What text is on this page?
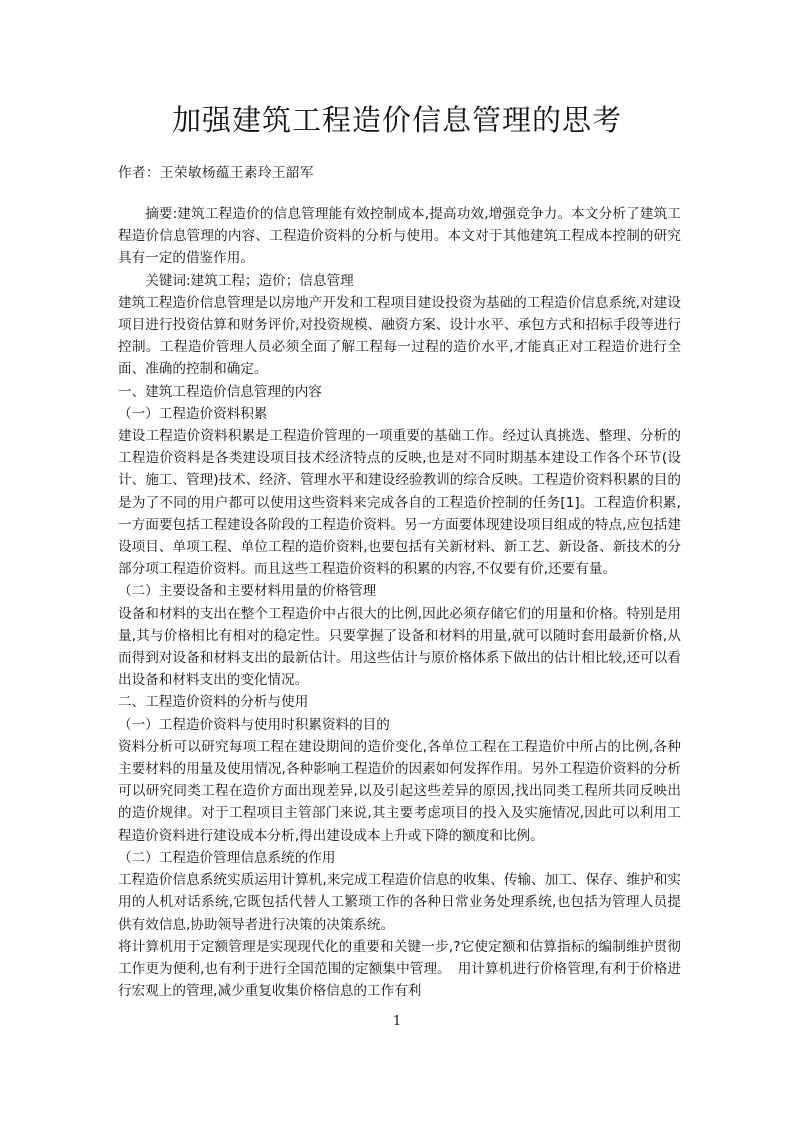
加强建筑工程造价信息管理的思考
作者：王荣敏杨蕴王素玲王韶军

摘要:建筑工程造价的信息管理能有效控制成本,提高功效,增强竞争力。本文分析了建筑工程造价信息管理的内容、工程造价资料的分析与使用。本文对于其他建筑工程成本控制的研究具有一定的借鉴作用。

关键词:建筑工程；造价；信息管理

建筑工程造价信息管理是以房地产开发和工程项目建设投资为基础的工程造价信息系统,对建设项目进行投资估算和财务评价,对投资规模、融资方案、设计水平、承包方式和招标手段等进行控制。工程造价管理人员必须全面了解工程每一过程的造价水平,才能真正对工程造价进行全面、准确的控制和确定。

一、建筑工程造价信息管理的内容

（一）工程造价资料积累

建设工程造价资料积累是工程造价管理的一项重要的基础工作。经过认真挑选、整理、分析的工程造价资料是各类建设项目技术经济特点的反映,也是对不同时期基本建设工作各个环节(设计、施工、管理)技术、经济、管理水平和建设经验教训的综合反映。工程造价资料积累的目的是为了不同的用户都可以使用这些资料来完成各自的工程造价控制的任务[1]。工程造价积累,一方面要包括工程建设各阶段的工程造价资料。另一方面要体现建设项目组成的特点,应包括建设项目、单项工程、单位工程的造价资料,也要包括有关新材料、新工艺、新设备、新技术的分部分项工程造价资料。而且这些工程造价资料的积累的内容,不仅要有价,还要有量。

（二）主要设备和主要材料用量的价格管理

设备和材料的支出在整个工程造价中占很大的比例,因此必须存储它们的用量和价格。特别是用量,其与价格相比有相对的稳定性。只要掌握了设备和材料的用量,就可以随时套用最新价格,从而得到对设备和材料支出的最新估计。用这些估计与原价格体系下做出的估计相比较,还可以看出设备和材料支出的变化情况。

二、工程造价资料的分析与使用

（一）工程造价资料与使用时积累资料的目的

资料分析可以研究每项工程在建设期间的造价变化,各单位工程在工程造价中所占的比例,各种主要材料的用量及使用情况,各种影响工程造价的因素如何发挥作用。另外工程造价资料的分析可以研究同类工程在造价方面出现差异,以及引起这些差异的原因,找出同类工程所共同反映出的造价规律。对于工程项目主管部门来说,其主要考虑项目的投入及实施情况,因此可以利用工程造价资料进行建设成本分析,得出建设成本上升或下降的额度和比例。

（二）工程造价管理信息系统的作用

工程造价信息系统实质运用计算机,来完成工程造价信息的收集、传输、加工、保存、维护和实用的人机对话系统,它既包括代替人工繁琐工作的各种日常业务处理系统,也包括为管理人员提供有效信息,协助领导者进行决策的决策系统。

将计算机用于定额管理是实现现代化的重要和关键一步,?它使定额和估算指标的编制维护贯彻工作更为便利,也有利于进行全国范围的定额集中管理。　用计算机进行价格管理,有利于价格进行宏观上的管理,减少重复收集价格信息的工作有利

1
